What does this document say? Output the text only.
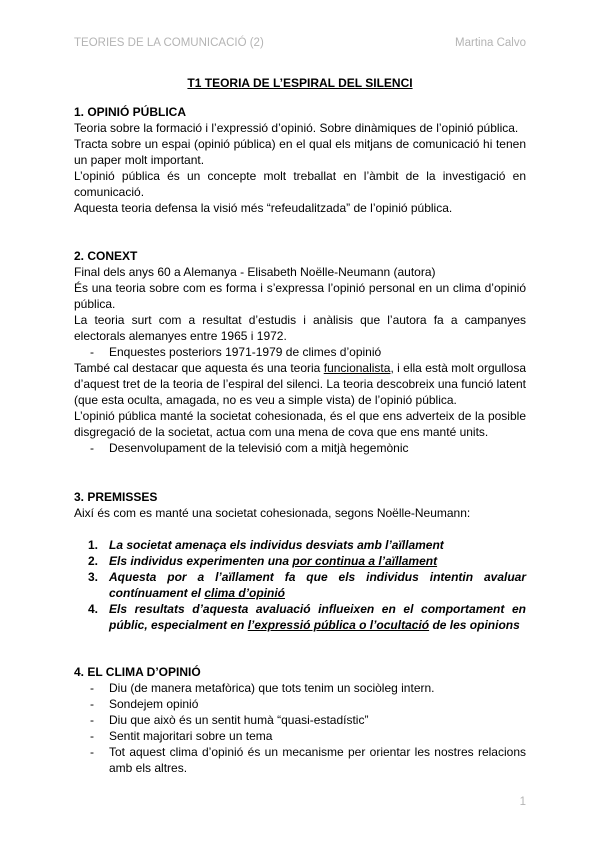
TEORIES DE LA COMUNICACIÓ (2)	Martina Calvo
T1 TEORIA DE L’ESPIRAL DEL SILENCI
1. OPINIÓ PÚBLICA

Teoria sobre la formació i l’expressió d’opinió. Sobre dinàmiques de l’opinió pública.

Tracta sobre un espai (opinió pública) en el qual els mitjans de comunicació hi tenen un paper molt important.

L’opinió pública és un concepte molt treballat en l’àmbit de la investigació en comunicació.

Aquesta teoria defensa la visió més “refeudalitzada” de l’opinió pública.

2. CONEXT

Final dels anys 60 a Alemanya - Elisabeth Noëlle-Neumann (autora)

És una teoria sobre com es forma i s’expressa l’opinió personal en un clima d’opinió pública.

La teoria surt com a resultat d’estudis i anàlisis que l’autora fa a campanyes electorals alemanyes entre 1965 i 1972.

- Enquestes posteriors 1971-1979 de climes d’opinió

També cal destacar que aquesta és una teoria funcionalista, i ella està molt orgullosa d’aquest tret de la teoria de l’espiral del silenci. La teoria descobreix una funció latent (que esta oculta, amagada, no es veu a simple vista) de l’opinió pública.

L’opinió pública manté la societat cohesionada, és el que ens adverteix de la posible disgregació de la societat, actua com una mena de cova que ens manté units.

- Desenvolupament de la televisió com a mitjà hegemònic

3. PREMISSES

Així és com es manté una societat cohesionada, segons Noëlle-Neumann:

1. La societat amenaça els individus desviats amb l’aïllament
2. Els individus experimenten una por continua a l’aïllament
3. Aquesta por a l’aïllament fa que els individus intentin avaluar contínuament el clima d’opinió
4. Els resultats d’aquesta avaluació influeixen en el comportament en públic, especialment en l’expressió pública o l’ocultació de les opinions
4. EL CLIMA D’OPINIÓ

- Diu (de manera metafòrica) que tots tenim un sociòleg intern.

- Sondejem opinió

- Diu que això és un sentit humà “quasi-estadístic”

- Sentit majoritari sobre un tema

- Tot aquest clima d’opinió és un mecanisme per orientar les nostres relacions amb els altres.

1
